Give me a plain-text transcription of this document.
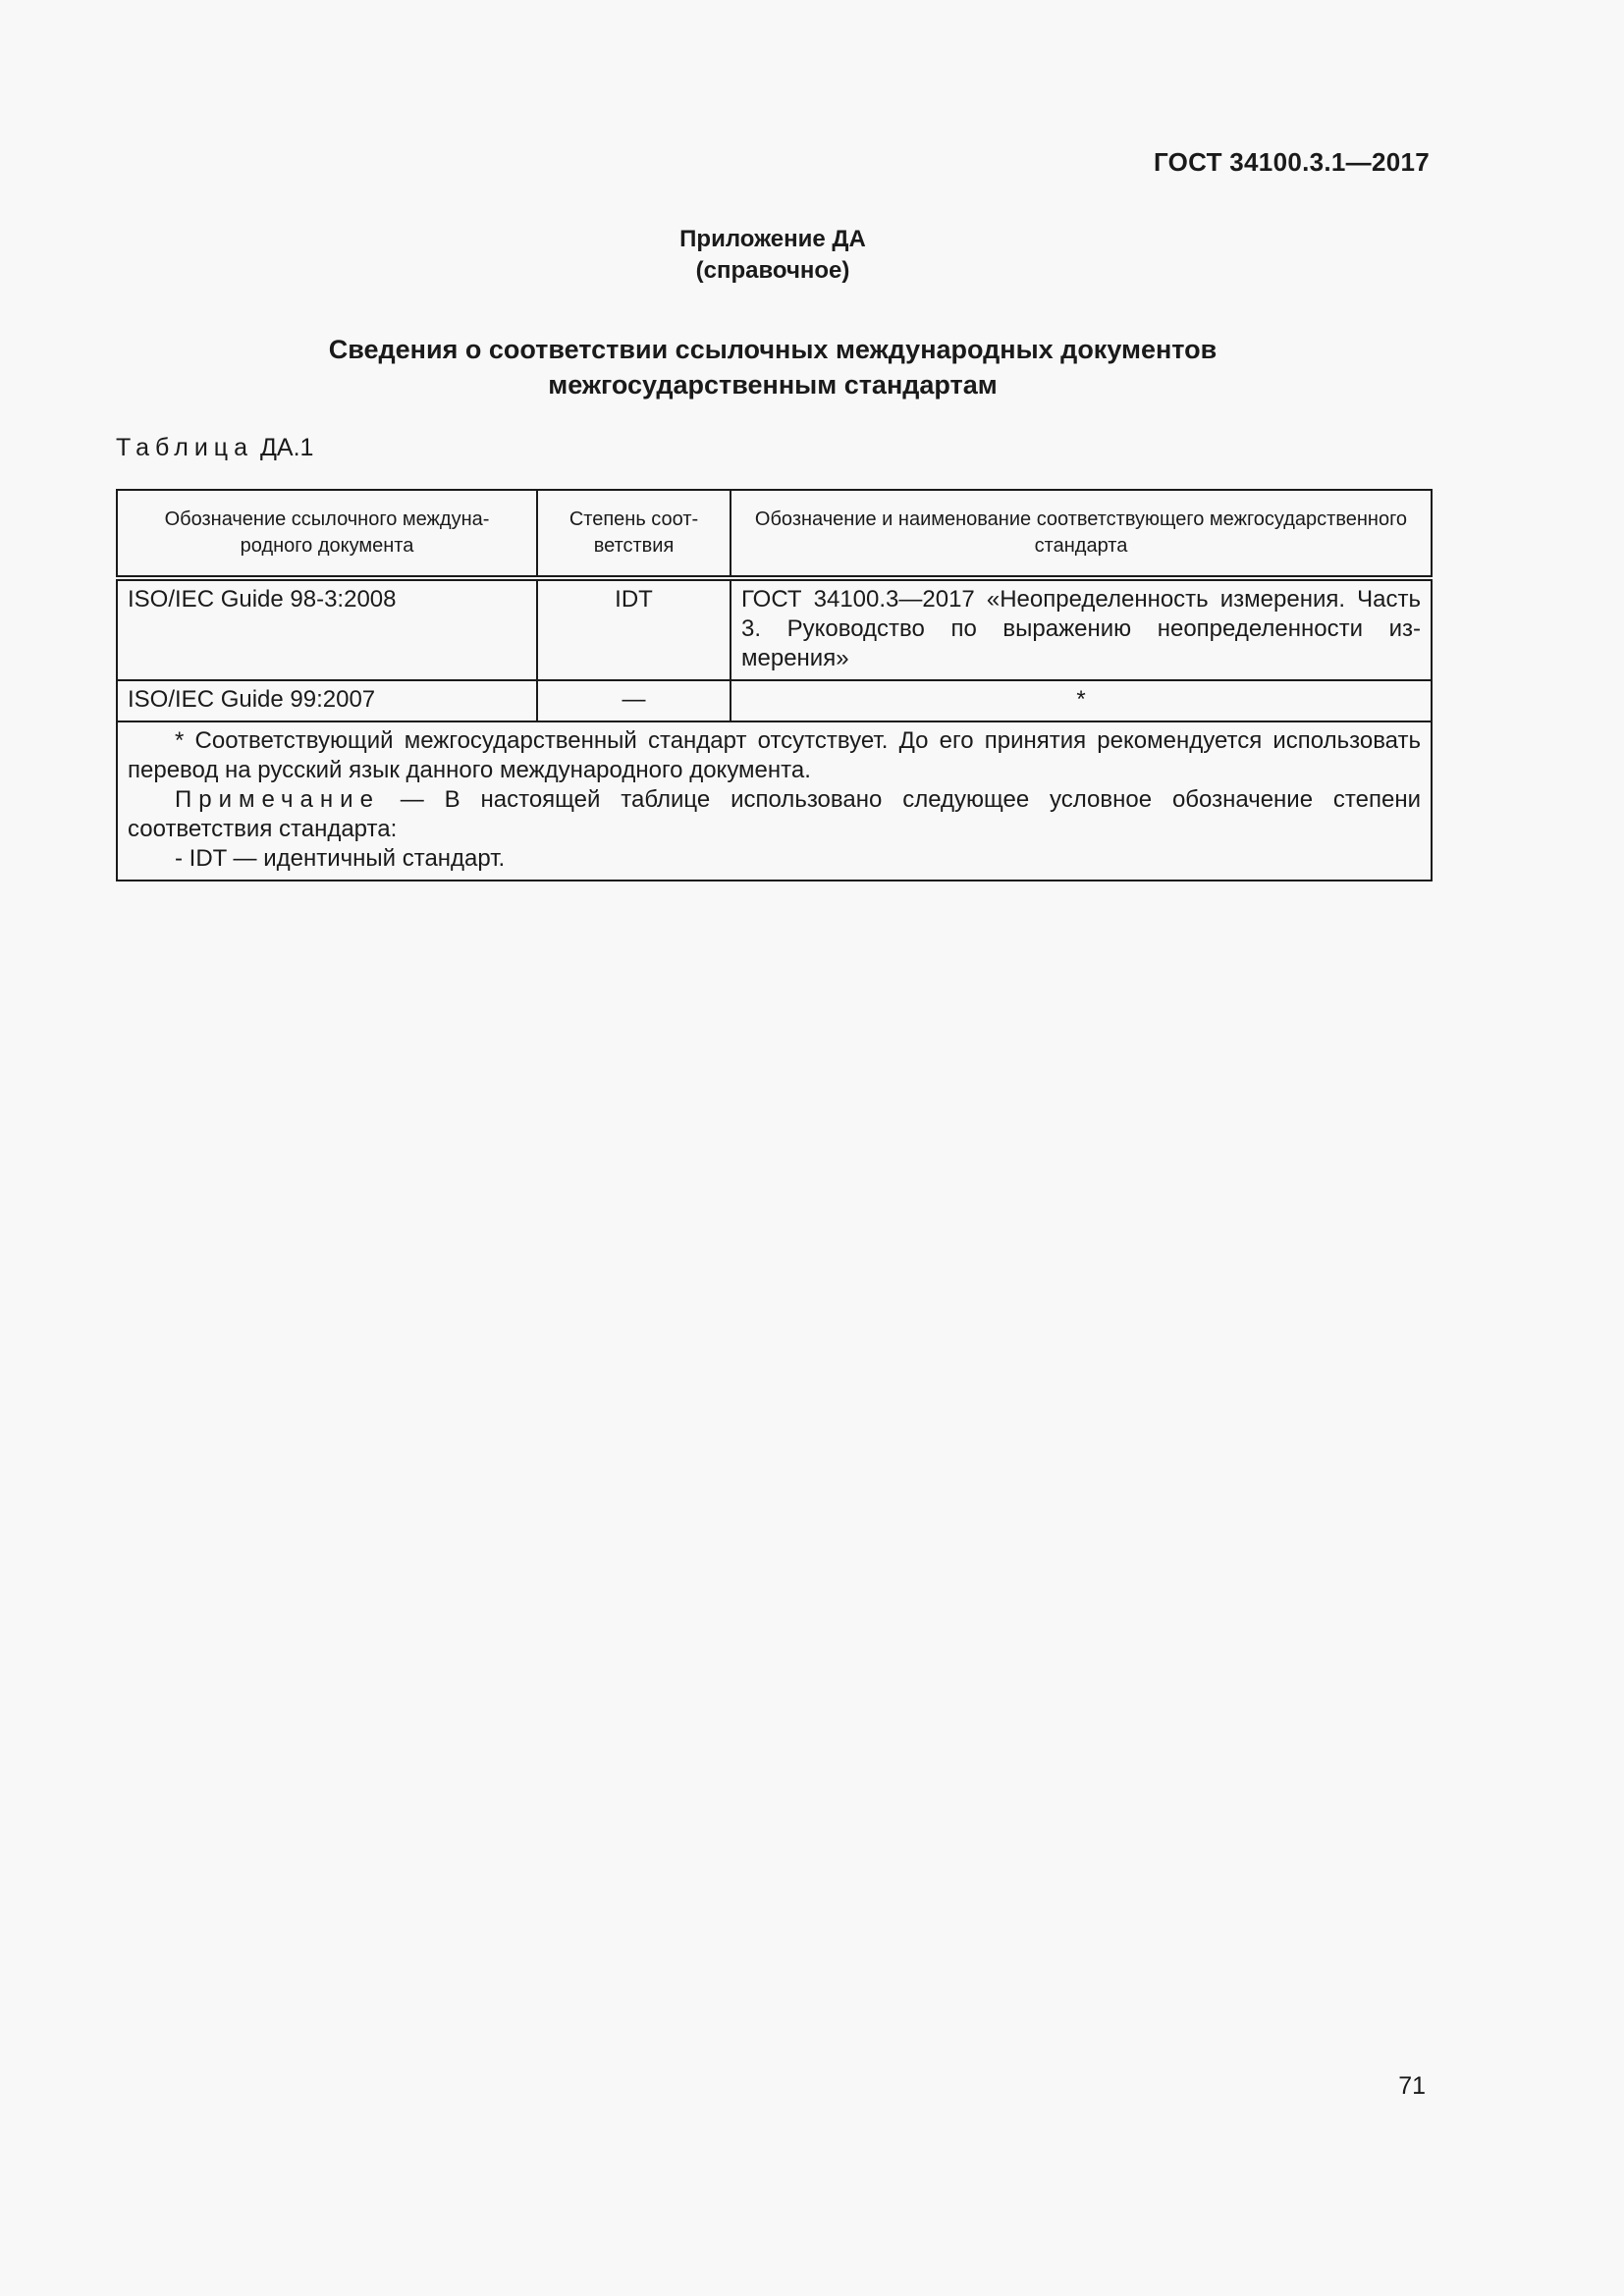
ГОСТ 34100.3.1—2017
Приложение ДА
(справочное)
Сведения о соответствии ссылочных международных документов
межгосударственным стандартам
Таблица ДА.1
Обозначение ссылочного междуна-родного документа	Степень соот-ветствия	Обозначение и наименование соответствующего межгосударственного стандарта
ISO/IEC Guide 98-3:2008	IDT	ГОСТ 34100.3—2017 «Неопределенность измерения. Часть 3. Руководство по выражению неопределенности из-мерения»
ISO/IEC Guide 99:2007	—	*

* Соответствующий межгосударственный стандарт отсутствует. До его принятия рекомендуется использовать перевод на русский язык данного международного документа.

Примечание — В настоящей таблице использовано следующее условное обозначение степени соответствия стандарта:

- IDT — идентичный стандарт.		

71
